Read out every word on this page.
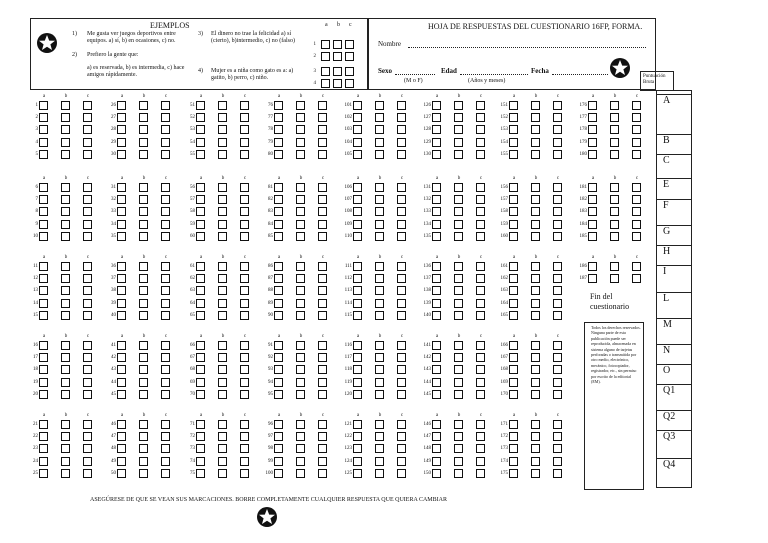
EJEMPLOS
1) Me gusta ver juegos deportivos entre equipos. a) sí, b) en ocasiones, c) no.
2) Prefiero la gente que:
a) es reservada, b) es intermedia, c) hace amigos rápidamente.
3) El dinero no trae la felicidad a) sí (cierto), b)intermedio, c) no (falso)
4) Mujer es a niña como gato es a: a) gatito, b) perro, c) niño.
a b c
1
2
3
4
HOJA DE RESPUESTAS DEL CUESTIONARIO 16FP, FORMA.
Nombre
Sexo
(M o F)
Edad
(Años y meses)
Fecha
Puntuación Bruta
A
B
C
E
F
G
H
I
L
M
N
O
Q1
Q2
Q3
Q4
a	b	c
1
2
3
4
5
a	b	c
6
7
8
9
10
a	b	c
11
12
13
14
15
a	b	c
16
17
18
19
20
a	b	c
21
22
23
24
25
a	b	c
26
27
28
29
30
a	b	c
31
32
33
34
35
a	b	c
36
37
38
39
40
a	b	c
41
42
43
44
45
a	b	c
46
47
48
49
50
a	b	c
51
52
53
54
55
a	b	c
56
57
58
59
60
a	b	c
61
62
63
64
65
a	b	c
66
67
68
69
70
a	b	c
71
72
73
74
75
a	b	c
76
77
78
79
80
a	b	c
81
82
83
84
85
a	b	c
86
87
88
89
90
a	b	c
91
92
93
94
95
a	b	c
96
97
98
99
100
a	b	c
101
102
103
104
105
a	b	c
106
107
108
109
110
a	b	c
111
112
113
114
115
a	b	c
116
117
118
119
120
a	b	c
121
122
123
124
125
a	b	c
126
127
128
129
130
a	b	c
131
132
133
134
135
a	b	c
136
137
138
139
140
a	b	c
141
142
143
144
145
a	b	c
146
147
148
149
150
a	b	c
151
152
153
154
155
a	b	c
156
157
158
159
160
a	b	c
161
162
163
164
165
a	b	c
166
167
168
169
170
a	b	c
171
172
173
174
175
a	b	c
176
177
178
179
180
a	b	c
181
182
183
184
185
a	b	c
186
187
Fin del cuestionario
Todos los derechos reservados. Ninguna parte de esta publicación puede ser reproducida, almacenada en sistema alguno de tarjetas perforadas o transmitida por otro medio, electrónico, mecánico, fotocopiador, registrador, etc., sin permiso por escrito de la editorial (EM).
ASEGÚRESE DE QUE SE VEAN SUS MARCACIONES. BORRE COMPLETAMENTE CUALQUIER RESPUESTA QUE QUIERA CAMBIAR
